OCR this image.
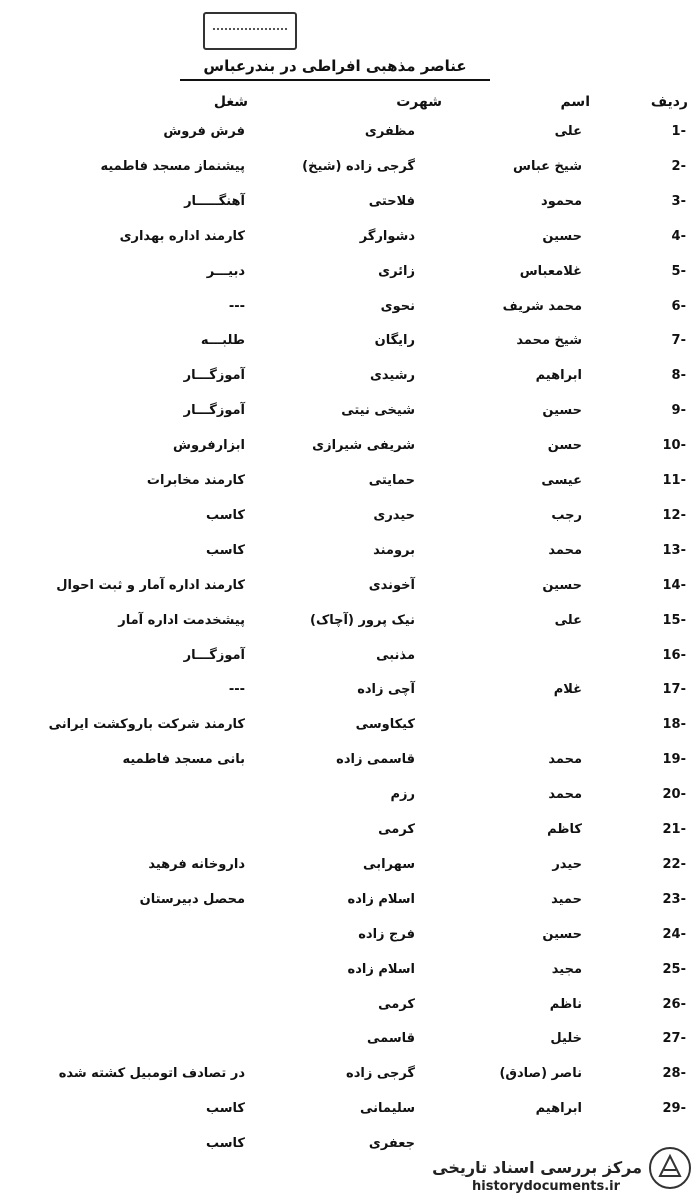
عناصر مذهبی افراطی در بندرعباس
ردیف
اسم
شهرت
شغل
-1
علی
مظفری
فرش فروش
-2
شیخ عباس
گرجی زاده (شیخ)
پیشنماز مسجد فاطمیه
-3
محمود
فلاحتی
آهنگـــــار
-4
حسین
دشوارگر
کارمند اداره بهداری
-5
غلامعباس
زائری
دبیـــر
-6
محمد شریف
نحوی
---
-7
شیخ محمد
رایگان
طلبـــه
-8
ابراهیم
رشیدی
آموزگـــار
-9
حسین
شیخی نیتی
آموزگـــار
-10
حسن
شریفی شیرازی
ابزارفروش
-11
عیسی
حمایتی
کارمند مخابرات
-12
رجب
حیدری
کاسب
-13
محمد
برومند
کاسب
-14
حسین
آخوندی
کارمند اداره آمار و ثبت احوال
-15
علی
نیک پرور (آچاک)
پیشخدمت اداره آمار
-16
مذنبی
آموزگـــار
-17
غلام
آچی زاده
---
-18
کیکاوسی
کارمند شرکت باروکشت ایرانی
-19
محمد
قاسمی زاده
بانی مسجد فاطمیه
-20
محمد
رزم
-21
کاظم
کرمی
-22
حیدر
سهرابی
داروخانه فرهید
-23
حمید
اسلام زاده
محصل دبیرستان
-24
حسین
فرج زاده
-25
مجید
اسلام زاده
-26
ناظم
کرمی
-27
خلیل
قاسمی
-28
ناصر (صادق)
گرجی زاده
در تصادف اتومبیل کشته شده
-29
ابراهیم
سلیمانی
کاسب
جعفری
کاسب
مرکز بررسی اسناد تاریخی
historydocuments.ir
